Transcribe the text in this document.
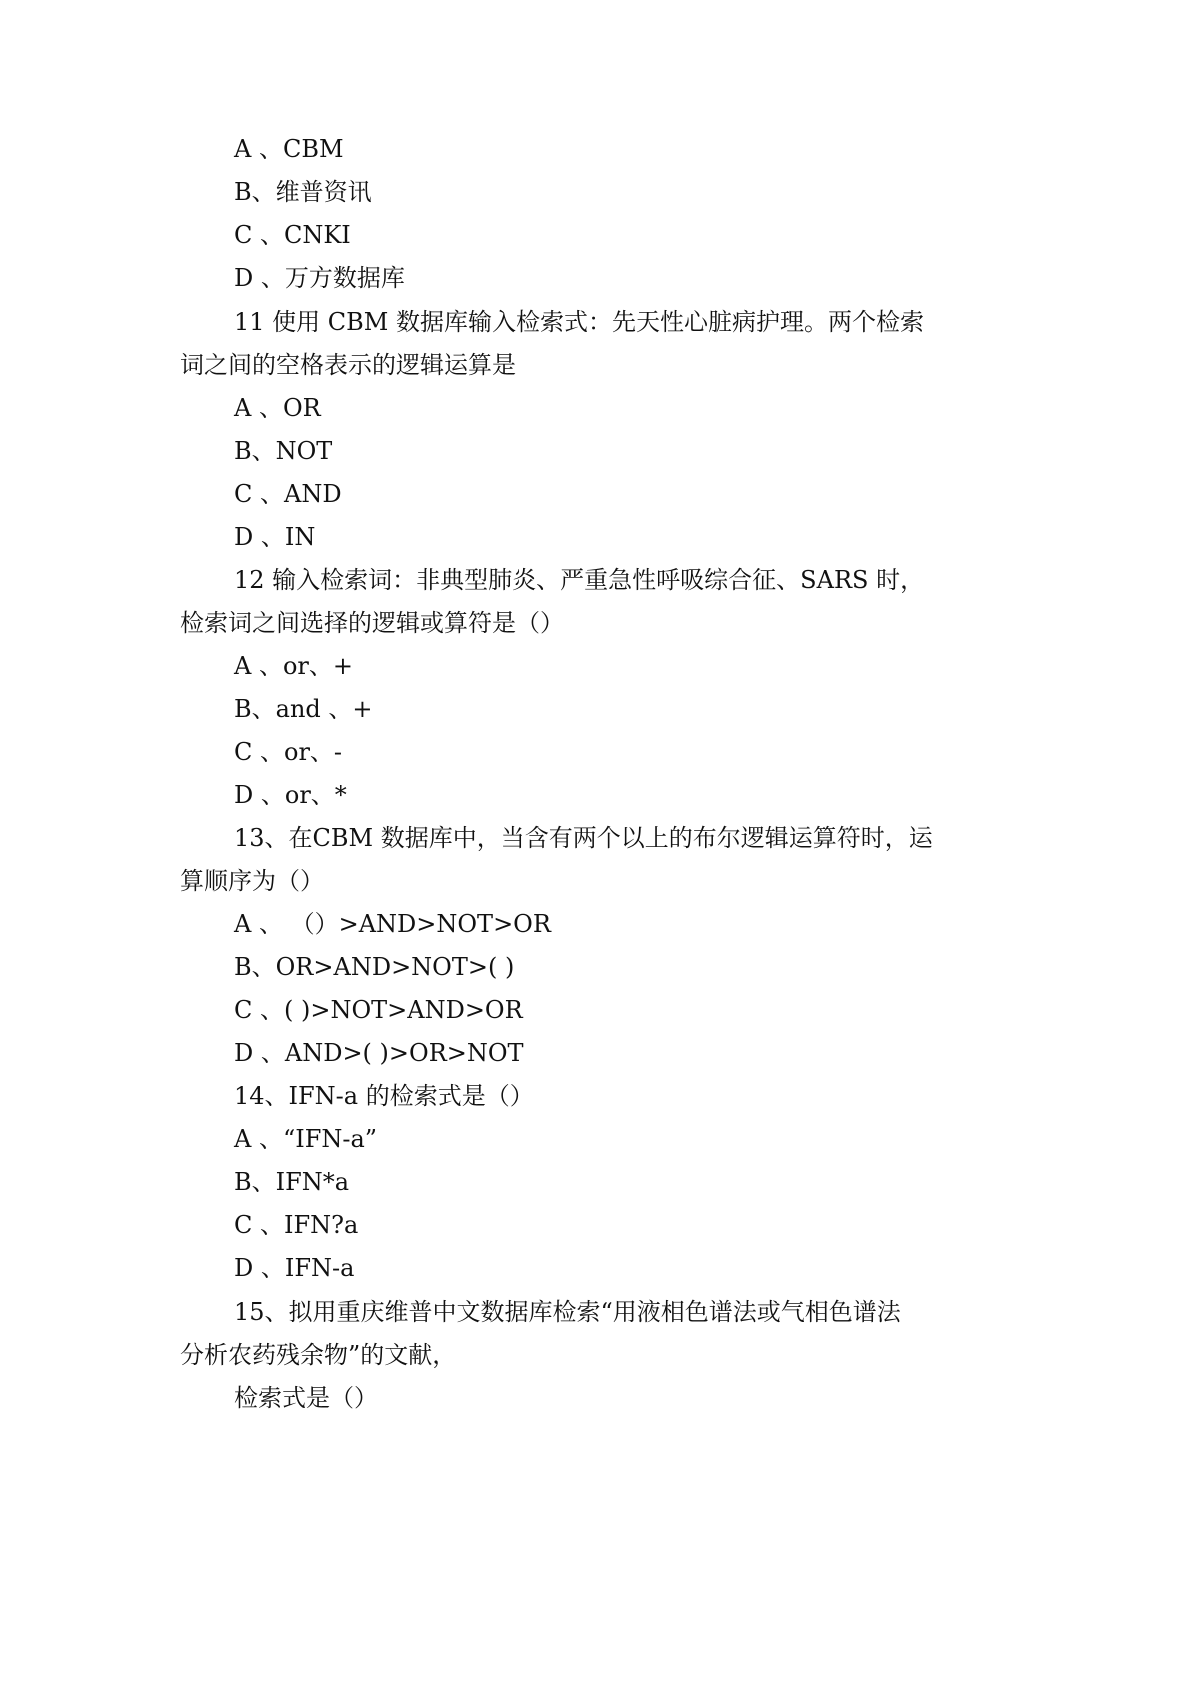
A 、CBM
B、维普资讯
C 、CNKI
D 、万方数据库
11 使用 CBM 数据库输入检索式：先天性心脏病护理。两个检索
词之间的空格表示的逻辑运算是
A 、OR
B、NOT
C 、AND
D 、IN
12 输入检索词：非典型肺炎、严重急性呼吸综合征、SARS 时，
检索词之间选择的逻辑或算符是（）
A 、or、+
B、and 、+
C 、or、-
D 、or、*
13、在CBM 数据库中，当含有两个以上的布尔逻辑运算符时，运
算顺序为（）
A 、 （）>AND>NOT>OR
B、OR>AND>NOT>( )
C 、( )>NOT>AND>OR
D 、AND>( )>OR>NOT
14、IFN-a 的检索式是（）
A 、“IFN-a”
B、IFN*a
C 、IFN?a
D 、IFN-a
15、拟用重庆维普中文数据库检索“用液相色谱法或气相色谱法
分析农药残余物”的文献，
检索式是（）
